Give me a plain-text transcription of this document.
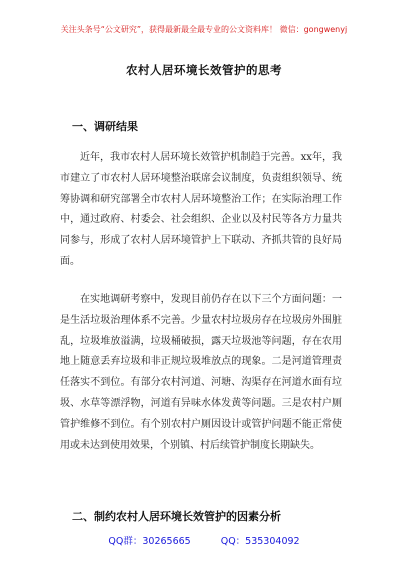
关注头条号“公文研究”，获得最新最全最专业的公文资料库！ 微信：gongwenyj
农村人居环境长效管护的思考
一、调研结果

近年，我市农村人居环境长效管护机制趋于完善。xx年，我市建立了市农村人居环境整治联席会议制度，负责组织领导、统筹协调和研究部署全市农村人居环境整治工作；在实际治理工作中，通过政府、村委会、社会组织、企业以及村民等各方力量共同参与，形成了农村人居环境管护上下联动、齐抓共管的良好局面。

在实地调研考察中，发现目前仍存在以下三个方面问题：一是生活垃圾治理体系不完善。少量农村垃圾房存在垃圾房外围脏乱，垃圾堆放溢满，垃圾桶破损，露天垃圾池等问题，存在农用地上随意丢弃垃圾和非正规垃圾堆放点的现象。二是河道管理责任落实不到位。有部分农村河道、河塘、沟渠存在河道水面有垃圾、水草等漂浮物，河道有异味水体发黄等问题。三是农村户厕管护维修不到位。有个别农村户厕因设计或管护问题不能正常使用或未达到使用效果，个别镇、村后续管护制度长期缺失。

二、制约农村人居环境长效管护的因素分析
QQ群：30265665	QQ：535304092
